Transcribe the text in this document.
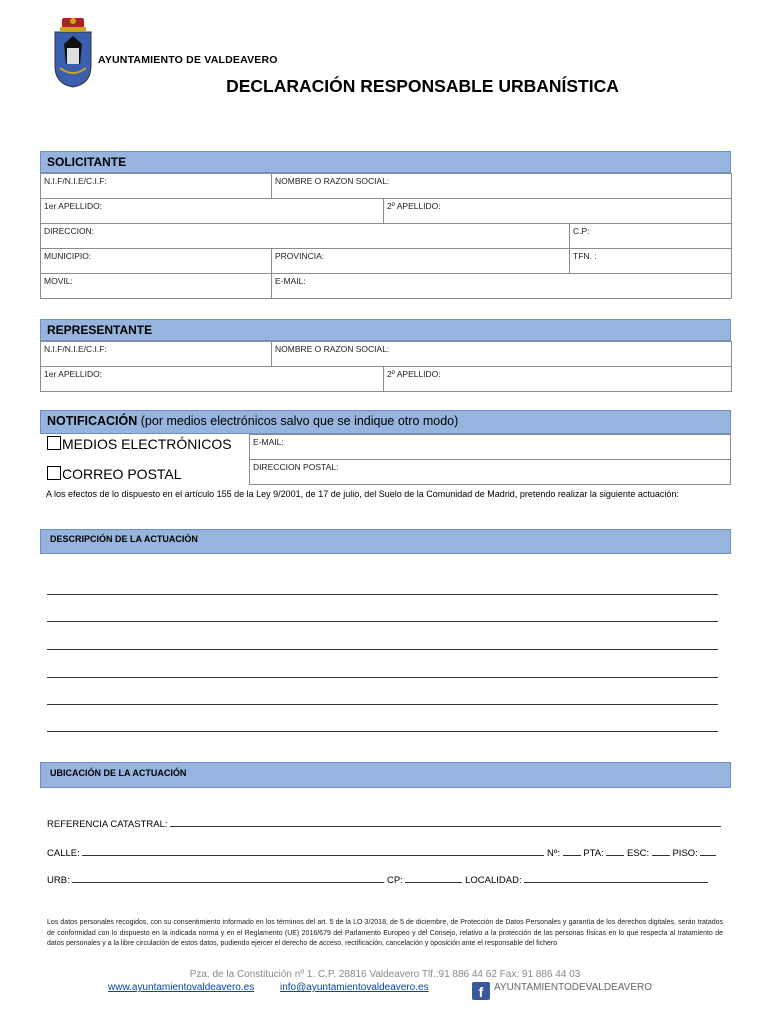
AYUNTAMIENTO DE VALDEAVERO
DECLARACIÓN RESPONSABLE URBANÍSTICA
SOLICITANTE
N.I.F/N.I.E/C.I.F:	NOMBRE O RAZON SOCIAL:		
1er APELLIDO:		2º APELLIDO:	
DIRECCION:			C.P:
MUNICIPIO:	PROVINCIA:		TFN. :
MOVIL:	E-MAIL:		
REPRESENTANTE
N.I.F/N.I.E/C.I.F:	NOMBRE O RAZON SOCIAL:	
1er APELLIDO:		2º APELLIDO:
NOTIFICACIÓN (por medios electrónicos salvo que se indique otro modo)
MEDIOS ELECTRÓNICOS
CORREO POSTAL
E-MAIL:
DIRECCION POSTAL:
A los efectos de lo dispuesto en el artículo 155 de la Ley 9/2001, de 17 de julio, del Suelo de la Comunidad de Madrid, pretendo realizar la siguiente actuación:
DESCRIPCIÓN DE LA ACTUACIÓN
UBICACIÓN DE LA ACTUACIÓN
REFERENCIA CATASTRAL:
CALLE:	Nº: PTA: ESC: PISO:
URB:	CP:	LOCALIDAD:
Los datos personales recogidos, con su consentimiento informado en los términos del art. 5 de la LO 3/2018, de 5 de diciembre, de Protección de Datos Personales y garantía de los derechos digitales, serán tratados de conformidad con lo dispuesto en la indicada norma y en el Reglamento (UE) 2016/679 del Parlamento Europeo y del Consejo, relativo a la protección de las personas físicas en lo que respecta al tratamiento de datos personales y a la libre circulación de estos datos, pudiendo ejercer el derecho de acceso, rectificación, cancelación y oposición ante el responsable del fichero
Pza. de la Constitución nº 1. C.P. 28816 Valdeavero Tlf.:91 886 44 62 Fax: 91 886 44 03
www.ayuntamientovaldeavero.es	info@ayuntamientovaldeavero.es	f	AYUNTAMIENTODEVALDEAVERO
